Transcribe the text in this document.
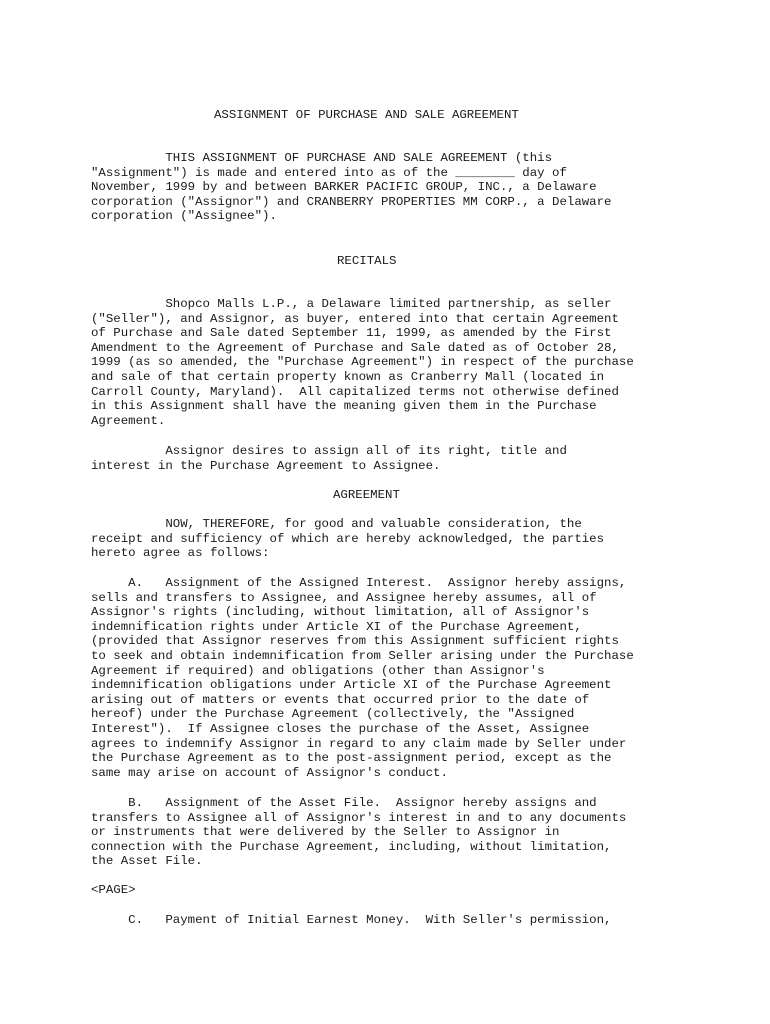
ASSIGNMENT OF PURCHASE AND SALE AGREEMENT
THIS ASSIGNMENT OF PURCHASE AND SALE AGREEMENT (this
"Assignment") is made and entered into as of the ________ day of
November, 1999 by and between BARKER PACIFIC GROUP, INC., a Delaware
corporation ("Assignor") and CRANBERRY PROPERTIES MM CORP., a Delaware
corporation ("Assignee").
RECITALS
Shopco Malls L.P., a Delaware limited partnership, as seller
("Seller"), and Assignor, as buyer, entered into that certain Agreement
of Purchase and Sale dated September 11, 1999, as amended by the First
Amendment to the Agreement of Purchase and Sale dated as of October 28,
1999 (as so amended, the "Purchase Agreement") in respect of the purchase
and sale of that certain property known as Cranberry Mall (located in
Carroll County, Maryland).  All capitalized terms not otherwise defined
in this Assignment shall have the meaning given them in the Purchase
Agreement.
Assignor desires to assign all of its right, title and
interest in the Purchase Agreement to Assignee.
AGREEMENT
NOW, THEREFORE, for good and valuable consideration, the
receipt and sufficiency of which are hereby acknowledged, the parties
hereto agree as follows:
A.   Assignment of the Assigned Interest.  Assignor hereby assigns,
sells and transfers to Assignee, and Assignee hereby assumes, all of
Assignor's rights (including, without limitation, all of Assignor's
indemnification rights under Article XI of the Purchase Agreement,
(provided that Assignor reserves from this Assignment sufficient rights
to seek and obtain indemnification from Seller arising under the Purchase
Agreement if required) and obligations (other than Assignor's
indemnification obligations under Article XI of the Purchase Agreement
arising out of matters or events that occurred prior to the date of
hereof) under the Purchase Agreement (collectively, the "Assigned
Interest").  If Assignee closes the purchase of the Asset, Assignee
agrees to indemnify Assignor in regard to any claim made by Seller under
the Purchase Agreement as to the post-assignment period, except as the
same may arise on account of Assignor's conduct.
B.   Assignment of the Asset File.  Assignor hereby assigns and
transfers to Assignee all of Assignor's interest in and to any documents
or instruments that were delivered by the Seller to Assignor in
connection with the Purchase Agreement, including, without limitation,
the Asset File.
<PAGE>
C.   Payment of Initial Earnest Money.  With Seller's permission,
